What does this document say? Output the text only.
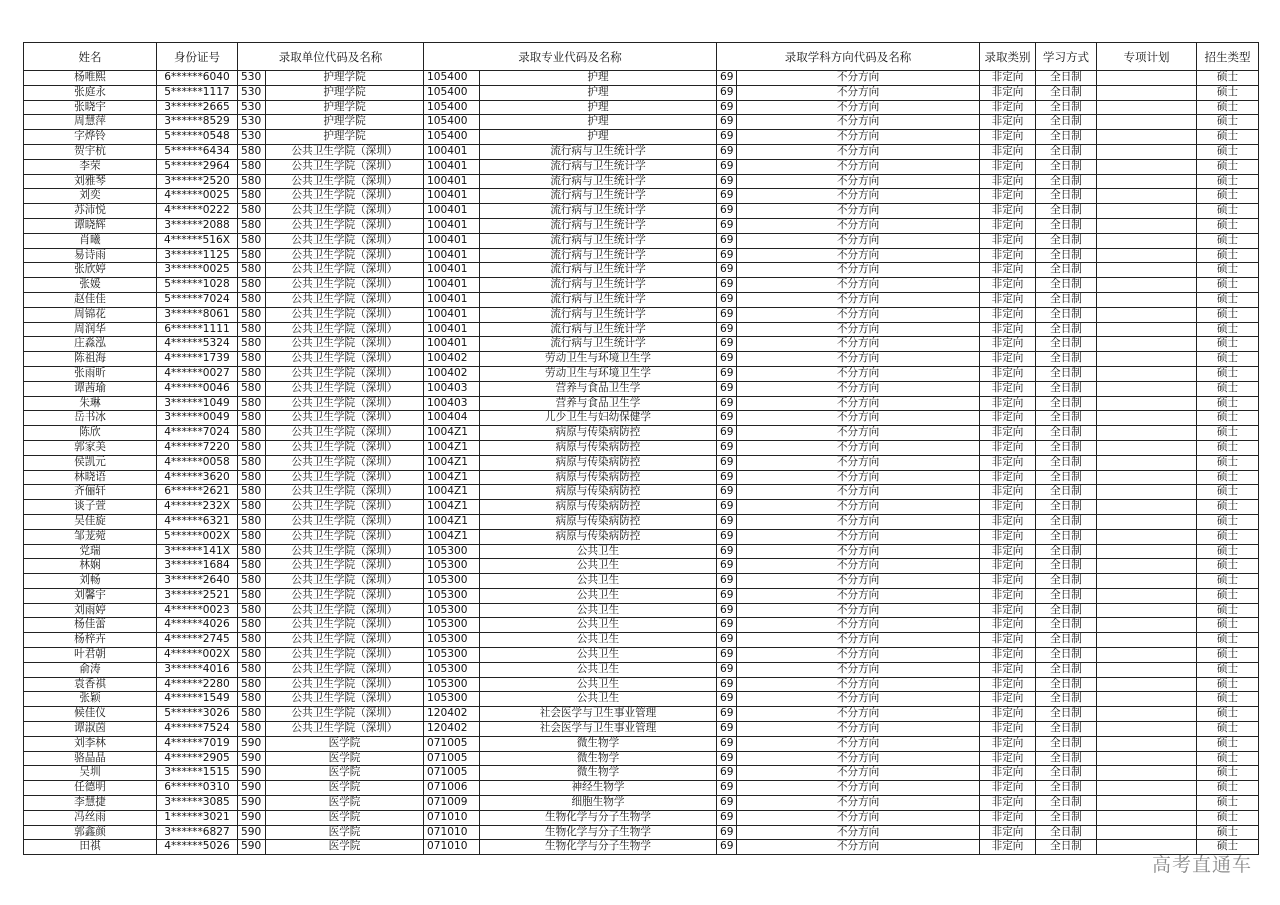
姓名	身份证号	录取单位代码及名称		录取专业代码及名称		录取学科方向代码及名称		录取类别	学习方式	专项计划	招生类型
杨唯熙	6******6040	530	护理学院	105400	护理	69	不分方向	非定向	全日制		硕士
张庭永	5******1117	530	护理学院	105400	护理	69	不分方向	非定向	全日制		硕士
张晓宇	3******2665	530	护理学院	105400	护理	69	不分方向	非定向	全日制		硕士
周慧萍	3******8529	530	护理学院	105400	护理	69	不分方向	非定向	全日制		硕士
字烨铃	5******0548	530	护理学院	105400	护理	69	不分方向	非定向	全日制		硕士
贺宇杭	5******6434	580	公共卫生学院（深圳）	100401	流行病与卫生统计学	69	不分方向	非定向	全日制		硕士
李荣	5******2964	580	公共卫生学院（深圳）	100401	流行病与卫生统计学	69	不分方向	非定向	全日制		硕士
刘雅琴	3******2520	580	公共卫生学院（深圳）	100401	流行病与卫生统计学	69	不分方向	非定向	全日制		硕士
刘奕	4******0025	580	公共卫生学院（深圳）	100401	流行病与卫生统计学	69	不分方向	非定向	全日制		硕士
苏沛悦	4******0222	580	公共卫生学院（深圳）	100401	流行病与卫生统计学	69	不分方向	非定向	全日制		硕士
谭晓辉	3******2088	580	公共卫生学院（深圳）	100401	流行病与卫生统计学	69	不分方向	非定向	全日制		硕士
肖曦	4******516X	580	公共卫生学院（深圳）	100401	流行病与卫生统计学	69	不分方向	非定向	全日制		硕士
易诗雨	3******1125	580	公共卫生学院（深圳）	100401	流行病与卫生统计学	69	不分方向	非定向	全日制		硕士
张欣婷	3******0025	580	公共卫生学院（深圳）	100401	流行病与卫生统计学	69	不分方向	非定向	全日制		硕士
张媛	5******1028	580	公共卫生学院（深圳）	100401	流行病与卫生统计学	69	不分方向	非定向	全日制		硕士
赵佳佳	5******7024	580	公共卫生学院（深圳）	100401	流行病与卫生统计学	69	不分方向	非定向	全日制		硕士
周锦花	3******8061	580	公共卫生学院（深圳）	100401	流行病与卫生统计学	69	不分方向	非定向	全日制		硕士
周润华	6******1111	580	公共卫生学院（深圳）	100401	流行病与卫生统计学	69	不分方向	非定向	全日制		硕士
庄淼泓	4******5324	580	公共卫生学院（深圳）	100401	流行病与卫生统计学	69	不分方向	非定向	全日制		硕士
陈祖海	4******1739	580	公共卫生学院（深圳）	100402	劳动卫生与环境卫生学	69	不分方向	非定向	全日制		硕士
张雨昕	4******0027	580	公共卫生学院（深圳）	100402	劳动卫生与环境卫生学	69	不分方向	非定向	全日制		硕士
谭茜瑜	4******0046	580	公共卫生学院（深圳）	100403	营养与食品卫生学	69	不分方向	非定向	全日制		硕士
朱琳	3******1049	580	公共卫生学院（深圳）	100403	营养与食品卫生学	69	不分方向	非定向	全日制		硕士
岳书冰	3******0049	580	公共卫生学院（深圳）	100404	儿少卫生与妇幼保健学	69	不分方向	非定向	全日制		硕士
陈欣	4******7024	580	公共卫生学院（深圳）	1004Z1	病原与传染病防控	69	不分方向	非定向	全日制		硕士
郭家美	4******7220	580	公共卫生学院（深圳）	1004Z1	病原与传染病防控	69	不分方向	非定向	全日制		硕士
侯凯元	4******0058	580	公共卫生学院（深圳）	1004Z1	病原与传染病防控	69	不分方向	非定向	全日制		硕士
林晓语	4******3620	580	公共卫生学院（深圳）	1004Z1	病原与传染病防控	69	不分方向	非定向	全日制		硕士
齐俪轩	6******2621	580	公共卫生学院（深圳）	1004Z1	病原与传染病防控	69	不分方向	非定向	全日制		硕士
谈子萱	4******232X	580	公共卫生学院（深圳）	1004Z1	病原与传染病防控	69	不分方向	非定向	全日制		硕士
吴佳旋	4******6321	580	公共卫生学院（深圳）	1004Z1	病原与传染病防控	69	不分方向	非定向	全日制		硕士
邹茏菀	5******002X	580	公共卫生学院（深圳）	1004Z1	病原与传染病防控	69	不分方向	非定向	全日制		硕士
党瑞	3******141X	580	公共卫生学院（深圳）	105300	公共卫生	69	不分方向	非定向	全日制		硕士
林娴	3******1684	580	公共卫生学院（深圳）	105300	公共卫生	69	不分方向	非定向	全日制		硕士
刘畅	3******2640	580	公共卫生学院（深圳）	105300	公共卫生	69	不分方向	非定向	全日制		硕士
刘馨宇	3******2521	580	公共卫生学院（深圳）	105300	公共卫生	69	不分方向	非定向	全日制		硕士
刘雨婷	4******0023	580	公共卫生学院（深圳）	105300	公共卫生	69	不分方向	非定向	全日制		硕士
杨佳蕾	4******4026	580	公共卫生学院（深圳）	105300	公共卫生	69	不分方向	非定向	全日制		硕士
杨梓卉	4******2745	580	公共卫生学院（深圳）	105300	公共卫生	69	不分方向	非定向	全日制		硕士
叶君朝	4******002X	580	公共卫生学院（深圳）	105300	公共卫生	69	不分方向	非定向	全日制		硕士
俞涛	3******4016	580	公共卫生学院（深圳）	105300	公共卫生	69	不分方向	非定向	全日制		硕士
袁香祺	4******2280	580	公共卫生学院（深圳）	105300	公共卫生	69	不分方向	非定向	全日制		硕士
张颖	4******1549	580	公共卫生学院（深圳）	105300	公共卫生	69	不分方向	非定向	全日制		硕士
候佳仪	5******3026	580	公共卫生学院（深圳）	120402	社会医学与卫生事业管理	69	不分方向	非定向	全日制		硕士
谭淑茵	4******7524	580	公共卫生学院（深圳）	120402	社会医学与卫生事业管理	69	不分方向	非定向	全日制		硕士
刘李林	4******7019	590	医学院	071005	微生物学	69	不分方向	非定向	全日制		硕士
骆晶晶	4******2905	590	医学院	071005	微生物学	69	不分方向	非定向	全日制		硕士
吴圳	3******1515	590	医学院	071005	微生物学	69	不分方向	非定向	全日制		硕士
任德明	6******0310	590	医学院	071006	神经生物学	69	不分方向	非定向	全日制		硕士
李慧捷	3******3085	590	医学院	071009	细胞生物学	69	不分方向	非定向	全日制		硕士
冯丝雨	1******3021	590	医学院	071010	生物化学与分子生物学	69	不分方向	非定向	全日制		硕士
郭鑫颜	3******6827	590	医学院	071010	生物化学与分子生物学	69	不分方向	非定向	全日制		硕士
田祺	4******5026	590	医学院	071010	生物化学与分子生物学	69	不分方向	非定向	全日制		硕士
高考直通车
